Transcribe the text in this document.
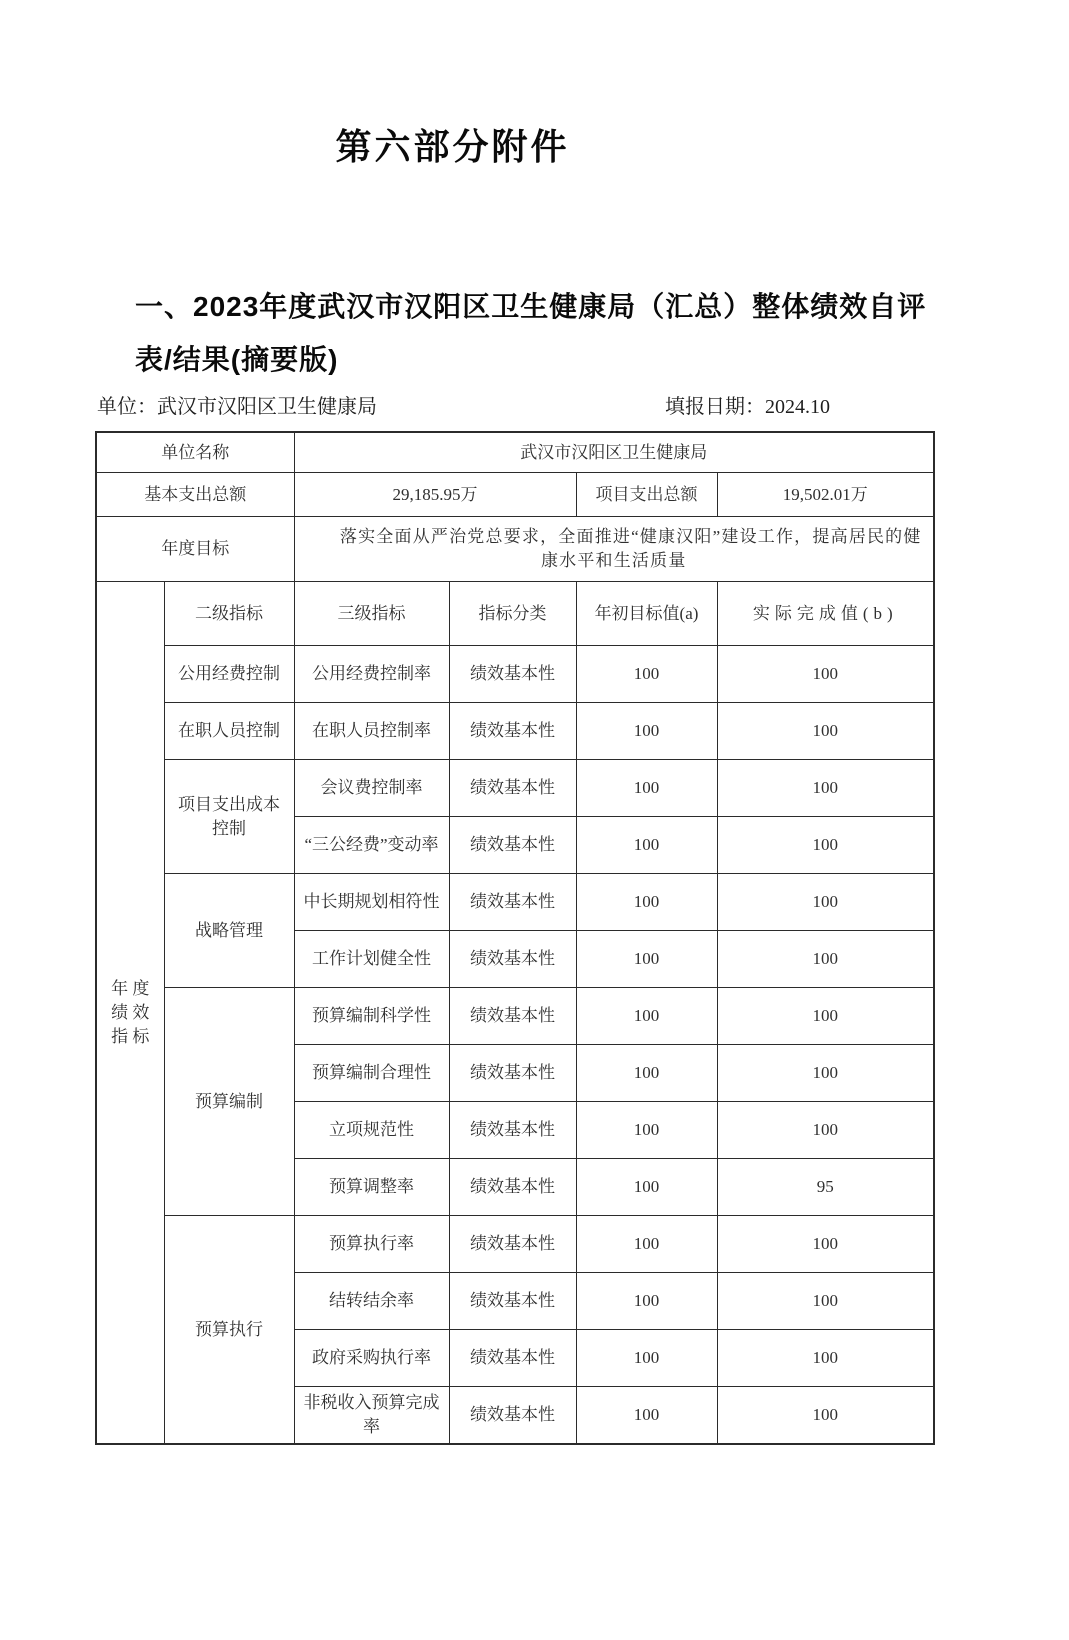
第六部分附件
一、2023年度武汉市汉阳区卫生健康局（汇总）整体绩效自评
表/结果(摘要版)
单位：武汉市汉阳区卫生健康局	填报日期：2024.10
单位名称		武汉市汉阳区卫生健康局			
基本支出总额		29,185.95万		项目支出总额	19,502.01万
年度目标		落实全面从严治党总要求，全面推进“健康汉阳”建设工作，提高居民的健康水平和生活质量			
年 度
绩 效
指 标	二级指标	三级指标	指标分类	年初目标值(a)	实际完成值(b)
	公用经费控制	公用经费控制率	绩效基本性	100	100
	在职人员控制	在职人员控制率	绩效基本性	100	100
	项目支出成本控制	会议费控制率	绩效基本性	100	100
		“三公经费”变动率	绩效基本性	100	100
	战略管理	中长期规划相符性	绩效基本性	100	100
		工作计划健全性	绩效基本性	100	100
	预算编制	预算编制科学性	绩效基本性	100	100
		预算编制合理性	绩效基本性	100	100
		立项规范性	绩效基本性	100	100
		预算调整率	绩效基本性	100	95
	预算执行	预算执行率	绩效基本性	100	100
		结转结余率	绩效基本性	100	100
		政府采购执行率	绩效基本性	100	100
		非税收入预算完成率	绩效基本性	100	100
